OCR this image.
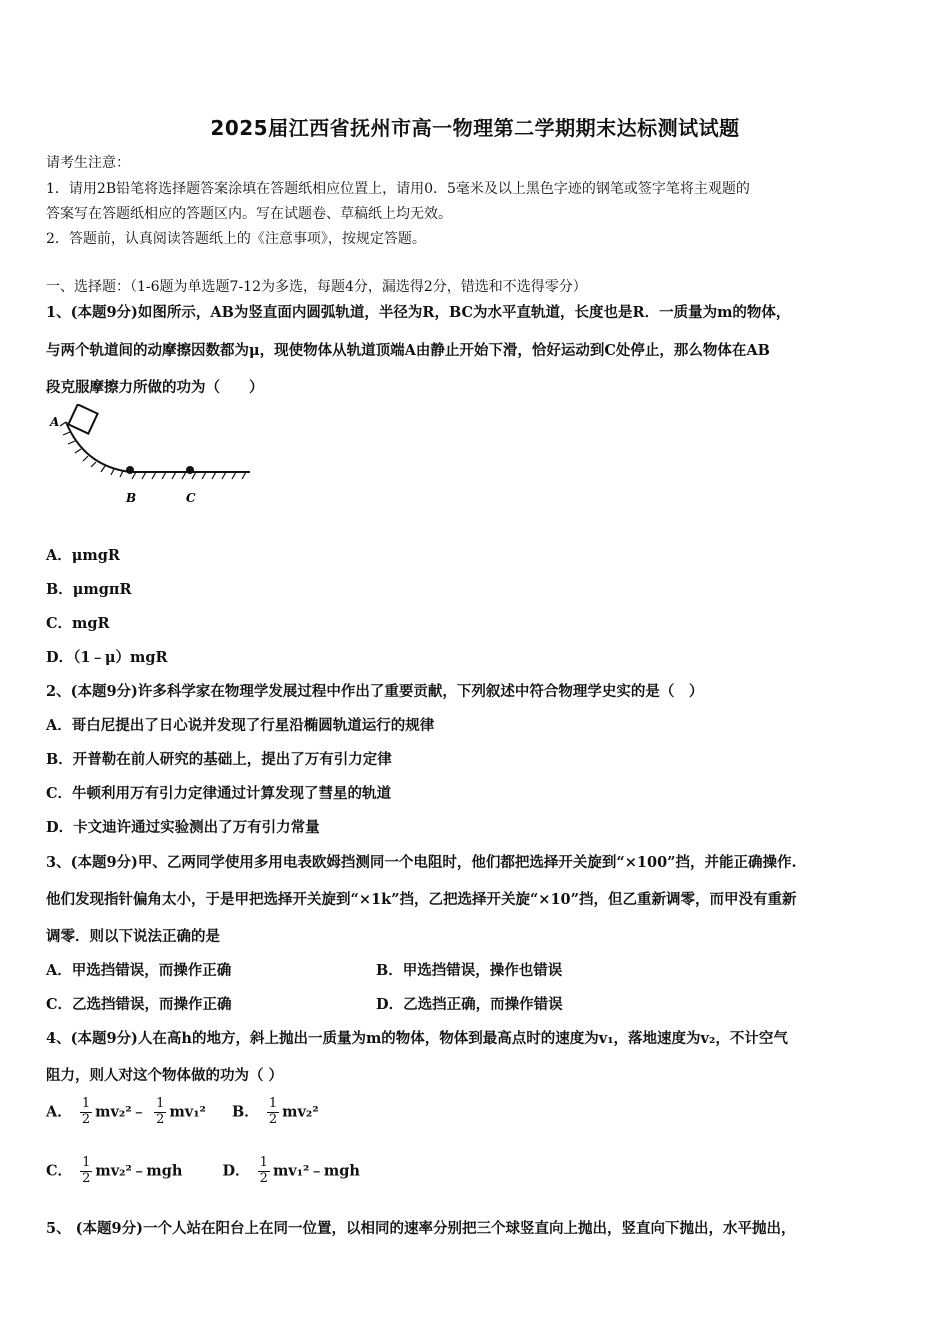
2025届江西省抚州市高一物理第二学期期末达标测试试题
请考生注意：
1．请用2B铅笔将选择题答案涂填在答题纸相应位置上，请用0．5毫米及以上黑色字迹的钢笔或签字笔将主观题的
答案写在答题纸相应的答题区内。写在试题卷、草稿纸上均无效。
2．答题前，认真阅读答题纸上的《注意事项》，按规定答题。
一、选择题：（1-6题为单选题7-12为多选，每题4分，漏选得2分，错选和不选得零分）
1、(本题9分)如图所示，AB为竖直面内圆弧轨道，半径为R，BC为水平直轨道，长度也是R．一质量为m的物体，
与两个轨道间的动摩擦因数都为μ，现使物体从轨道顶端A由静止开始下滑，恰好运动到C处停止，那么物体在AB
段克服摩擦力所做的功为（　　）
A
B	C
A．μmgR
B．μmgπR
C．mgR
D．（1﹣μ）mgR
2、(本题9分)许多科学家在物理学发展过程中作出了重要贡献，下列叙述中符合物理学史实的是（　）
A．哥白尼提出了日心说并发现了行星沿椭圆轨道运行的规律
B．开普勒在前人研究的基础上，提出了万有引力定律
C．牛顿利用万有引力定律通过计算发现了彗星的轨道
D．卡文迪许通过实验测出了万有引力常量
3、(本题9分)甲、乙两同学使用多用电表欧姆挡测同一个电阻时，他们都把选择开关旋到“×100”挡，并能正确操作.
他们发现指针偏角太小，于是甲把选择开关旋到“×1k”挡，乙把选择开关旋“×10”挡，但乙重新调零，而甲没有重新
调零．则以下说法正确的是
A．甲选挡错误，而操作正确	B．甲选挡错误，操作也错误
C．乙选挡错误，而操作正确	D．乙选挡正确，而操作错误
4、(本题9分)人在高h的地方，斜上抛出一质量为m的物体，物体到最高点时的速度为v₁，落地速度为v₂，不计空气
阻力，则人对这个物体做的功为（ ）
A． $\frac{1}{2}$ mv₂²﹣ $\frac{1}{2} mv_1^2$ B． $\frac{1}{2} mv_2^2$
C． $\frac{1}{2}$ mv₂²﹣mgh	D． $\frac{1}{2}$ mv₁²﹣mgh
5、 (本题9分)一个人站在阳台上在同一位置，以相同的速率分别把三个球竖直向上抛出，竖直向下抛出，水平抛出，
